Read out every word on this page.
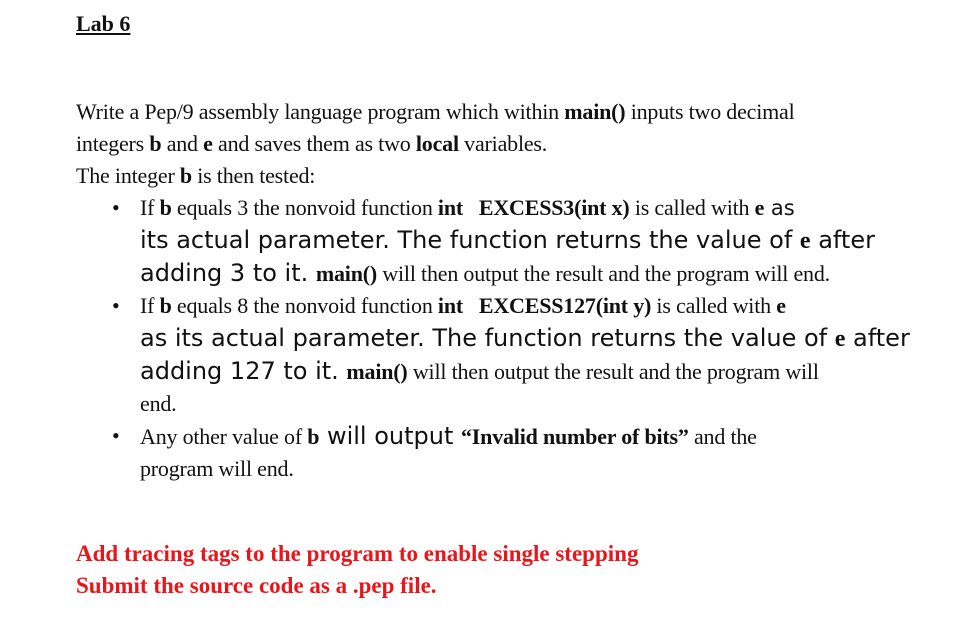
Lab 6

Write a Pep/9 assembly language program which within main() inputs two decimal

integers b and e and saves them as two local variables.

The integer b is then tested:

• If b equals 3 the nonvoid function int   EXCESS3(int x) is called with e as
its actual parameter. The function returns the value of e after
adding 3 to it. main() will then output the result and the program will end.
• If b equals 8 the nonvoid function int   EXCESS127(int y) is called with e
as its actual parameter. The function returns the value of e after
adding 127 to it. main() will then output the result and the program will
end.
• Any other value of b will output “Invalid number of bits” and the
program will end.
Add tracing tags to the program to enable single stepping
Submit the source code as a .pep file.
